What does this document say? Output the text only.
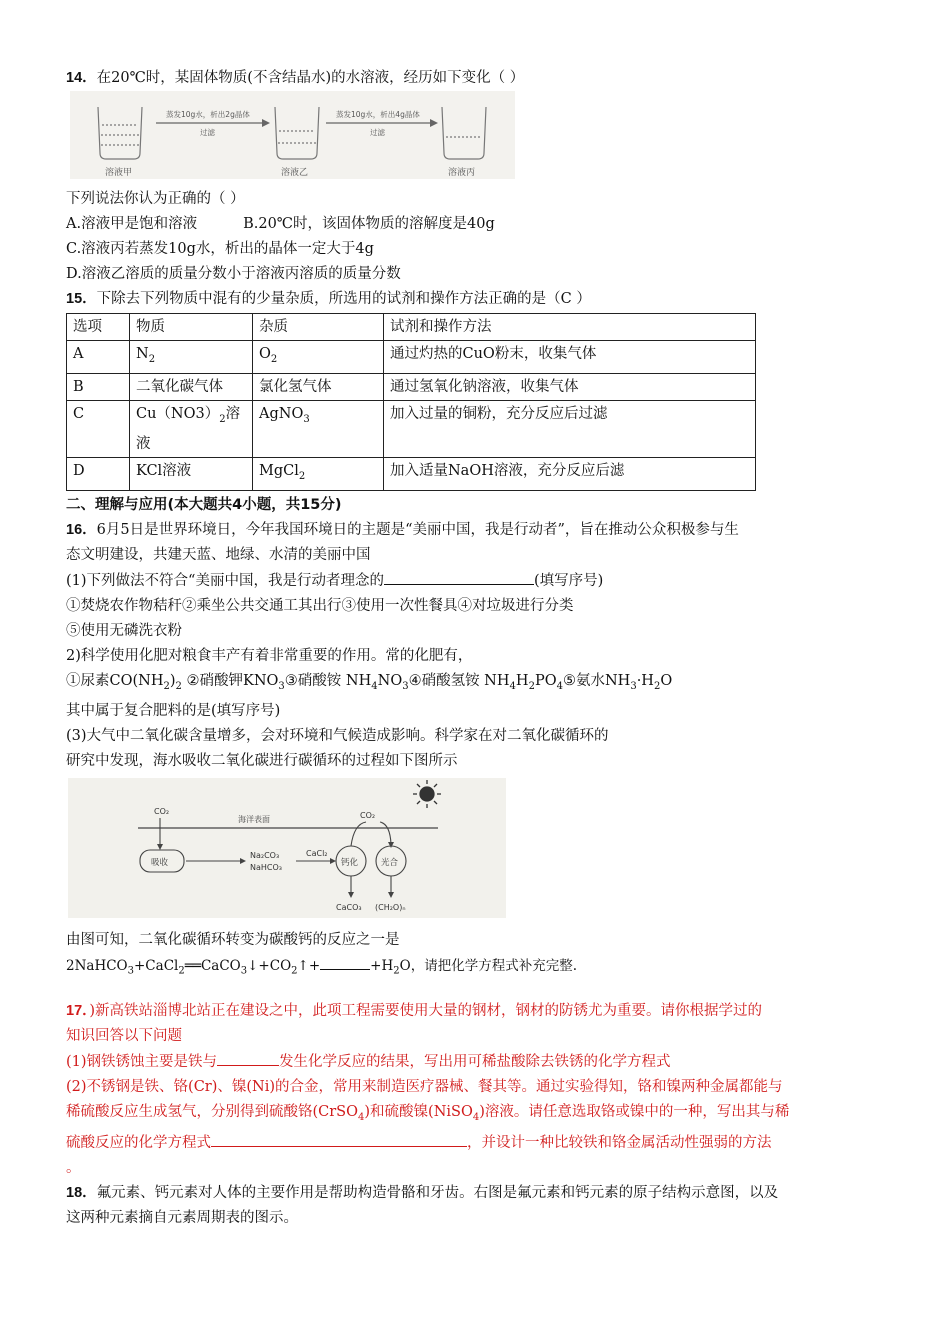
14．在20℃时，某固体物质(不含结晶水)的水溶液，经历如下变化（ ）
溶液甲
蒸发10g水，析出2g晶体
过滤
溶液乙
蒸发10g水，析出4g晶体
过滤
溶液丙
下列说法你认为正确的（ ）
A.溶液甲是饱和溶液	B.20℃时，该固体物质的溶解度是40g
C.溶液丙若蒸发10g水，析出的晶体一定大于4g
D.溶液乙溶质的质量分数小于溶液丙溶质的质量分数
15．下除去下列物质中混有的少量杂质，所选用的试剂和操作方法正确的是（C ）
选项	物质	杂质	试剂和操作方法
A	$N_2$	$O_2$	通过灼热的CuO粉末，收集气体
B	二氧化碳气体	氯化氢气体	通过氢氧化钠溶液，收集气体
C	$Cu(NO3)_2$溶液	AgNO$_3$	加入过量的铜粉，充分反应后过滤
D	KCl溶液	MgCl$_2$	加入适量NaOH溶液，充分反应后滤
二、理解与应用(本大题共4小题，共15分)
16．6月5日是世界环境日，今年我国环境日的主题是“美丽中国，我是行动者”，旨在推动公众积极参与生
态文明建设，共建天蓝、地绿、水清的美丽中国
(1)下列做法不符合“美丽中国，我是行动者理念的	(填写序号)
①焚烧农作物秸秆②乘坐公共交通工其出行③使用一次性餐具④对垃圾进行分类
⑤使用无磷洗衣粉
2)科学使用化肥对粮食丰产有着非常重要的作用。常的化肥有，
①尿素$CO(NH_2)_2$ ②硝酸钾$KNO_3③$硝酸铵 $NH_4NO_3④$硝酸氢铵 $NH_4H_2PO_4⑤$氨水$NH_3\cdot H_2O$
其中属于复合肥料的是(填写序号)
(3)大气中二氧化碳含量增多，会对环境和气候造成影响。科学家在对二氧化碳循环的
研究中发现，海水吸收二氧化碳进行碳循环的过程如下图所示
海洋表面
CO₂
吸收
Na₂CO₃
NaHCO₃
CaCl₂
钙化	光合
CO₂
CaCO₃ (CH₂O)ₙ
由图可知，二氧化碳循环转变为碳酸钙的反应之一是
$2NaHCO_3+CaCl_2══CaCO_3↓+CO_2↑+$	$+H_2O$，请把化学方程式补充完整.
17．)新高铁站淄博北站正在建设之中，此项工程需要使用大量的钢材，钢材的防锈尤为重要。请你根据学过的
知识回答以下问题
(1)钢铁锈蚀主要是铁与	发生化学反应的结果，写出用可稀盐酸除去铁锈的化学方程式
(2)不锈钢是铁、铬(Cr)、镍(Ni)的合金，常用来制造医疗器械、餐其等。通过实验得知，铬和镍两种金属都能与
稀硫酸反应生成氢气，分别得到硫酸铬(CrSO$_4$)和硫酸镍(NiSO$_4$)溶液。请任意选取铬或镍中的一种，写出其与稀
硫酸反应的化学方程式	，并设计一种比较铁和铬金属活动性强弱的方法
。
18．氟元素、钙元素对人体的主要作用是帮助构造骨骼和牙齿。右图是氟元素和钙元素的原子结构示意图，以及
这两种元素摘自元素周期表的图示。
